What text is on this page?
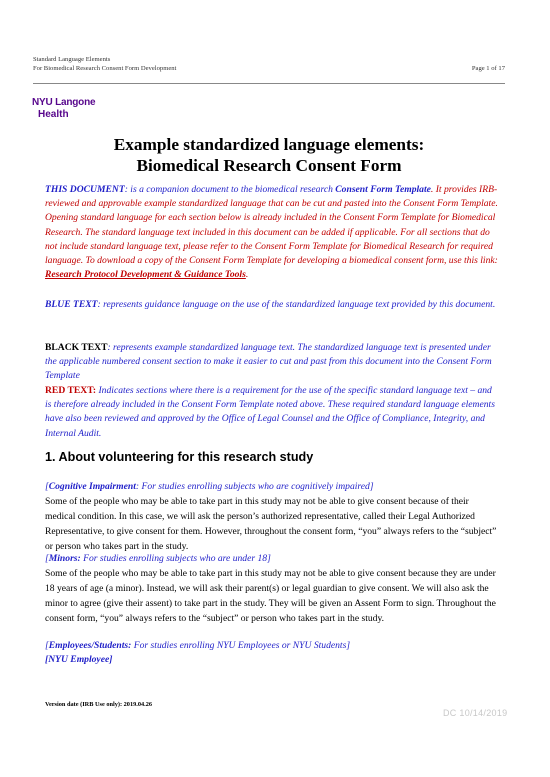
Standard Language Elements
For Biomedical Research Consent Form Development	Page 1 of 17
NYU Langone
Health
Example standardized language elements:
Biomedical Research Consent Form
THIS DOCUMENT: is a companion document to the biomedical research Consent Form Template. It provides IRB-reviewed and approvable example standardized language that can be cut and pasted into the Consent Form Template. Opening standard language for each section below is already included in the Consent Form Template for Biomedical Research. The standard language text included in this document can be added if applicable. For all sections that do not include standard language text, please refer to the Consent Form Template for Biomedical Research for required language. To download a copy of the Consent Form Template for developing a biomedical consent form, use this link: Research Protocol Development & Guidance Tools.
BLUE TEXT: represents guidance language on the use of the standardized language text provided by this document.
BLACK TEXT: represents example standardized language text. The standardized language text is presented under the applicable numbered consent section to make it easier to cut and past from this document into the Consent Form Template
RED TEXT: Indicates sections where there is a requirement for the use of the specific standard language text – and is therefore already included in the Consent Form Template noted above. These required standard language elements have also been reviewed and approved by the Office of Legal Counsel and the Office of Compliance, Integrity, and Internal Audit.
1. About volunteering for this research study
[Cognitive Impairment: For studies enrolling subjects who are cognitively impaired]
Some of the people who may be able to take part in this study may not be able to give consent because of their medical condition. In this case, we will ask the person’s authorized representative, called their Legal Authorized Representative, to give consent for them. However, throughout the consent form, “you” always refers to the “subject” or person who takes part in the study.
[Minors: For studies enrolling subjects who are under 18]
Some of the people who may be able to take part in this study may not be able to give consent because they are under 18 years of age (a minor). Instead, we will ask their parent(s) or legal guardian to give consent. We will also ask the minor to agree (give their assent) to take part in the study. They will be given an Assent Form to sign. Throughout the consent form, “you” always refers to the “subject” or person who takes part in the study.
[Employees/Students: For studies enrolling NYU Employees or NYU Students]
[NYU Employee]
Version date (IRB Use only): 2019.04.26
DC 10/14/2019
